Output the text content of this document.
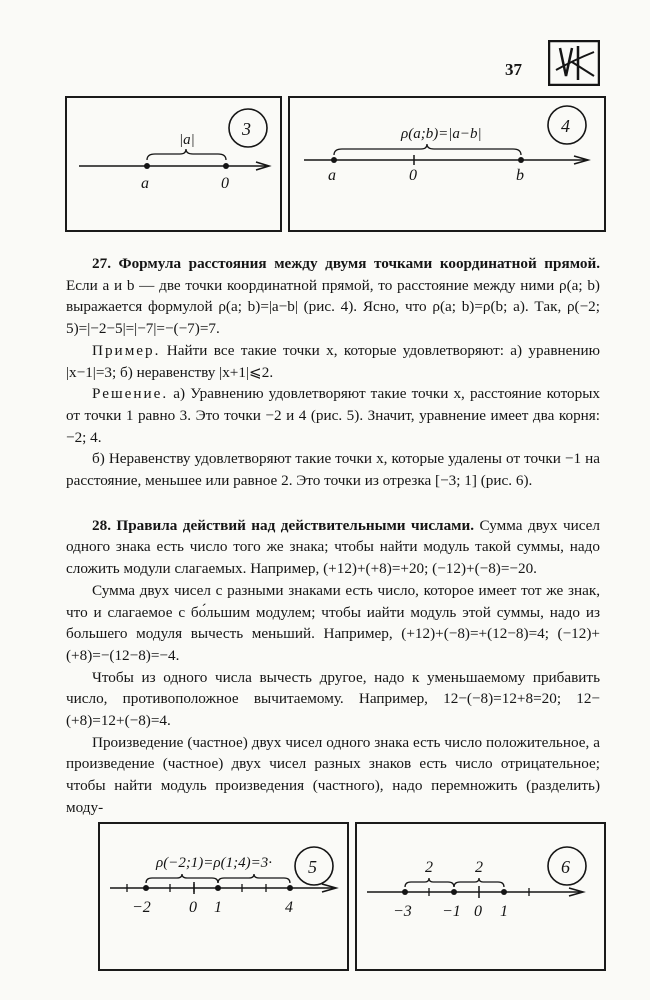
37
|a|
a	0
3	ρ(a;b)=|a−b|
a	0	b
4

27. Формула расстояния между двумя точками координатной прямой. Если a и b — две точки координатной прямой, то расстояние между ними ρ(a; b) выражается формулой ρ(a; b)=|a−b| (рис. 4). Ясно, что ρ(a; b)=ρ(b; a). Так, ρ(−2; 5)=|−2−5|=|−7|=−(−7)=7.

Пример. Найти все такие точки x, которые удовлетворяют: а) уравнению |x−1|=3; б) неравенству |x+1|⩽2.

Решение. а) Уравнению удовлетворяют такие точки x, расстояние которых от точки 1 равно 3. Это точки −2 и 4 (рис. 5). Значит, уравнение имеет два корня: −2; 4.

б) Неравенству удовлетворяют такие точки x, которые удалены от точки −1 на расстояние, меньшее или равное 2. Это точки из отрезка [−3; 1] (рис. 6).

28. Правила действий над действительными числами. Сумма двух чисел одного знака есть число того же знака; чтобы найти модуль такой суммы, надо сложить модули слагаемых. Например, (+12)+(+8)=+20; (−12)+(−8)=−20.

Сумма двух чисел с разными знаками есть число, которое имеет тот же знак, что и слагаемое с бо́льшим модулем; чтобы иайти модуль этой суммы, надо из большего модуля вычесть меньший. Например, (+12)+(−8)=+(12−8)=4; (−12)+(+8)=−(12−8)=−4.

Чтобы из одного числа вычесть другое, надо к уменьшаемому прибавить число, противоположное вычитаемому. Например, 12−(−8)=12+8=20; 12−(+8)=12+(−8)=4.

Произведение (частное) двух чисел одного знака есть число положительное, а произведение (частное) двух чисел разных знаков есть число отрицательное; чтобы найти модуль произведения (частного), надо перемножить (разделить) моду-

ρ(−2;1)=ρ(1;4)=3·
−2 0 1	4
5	2	2
−3 −1 0 1
6
